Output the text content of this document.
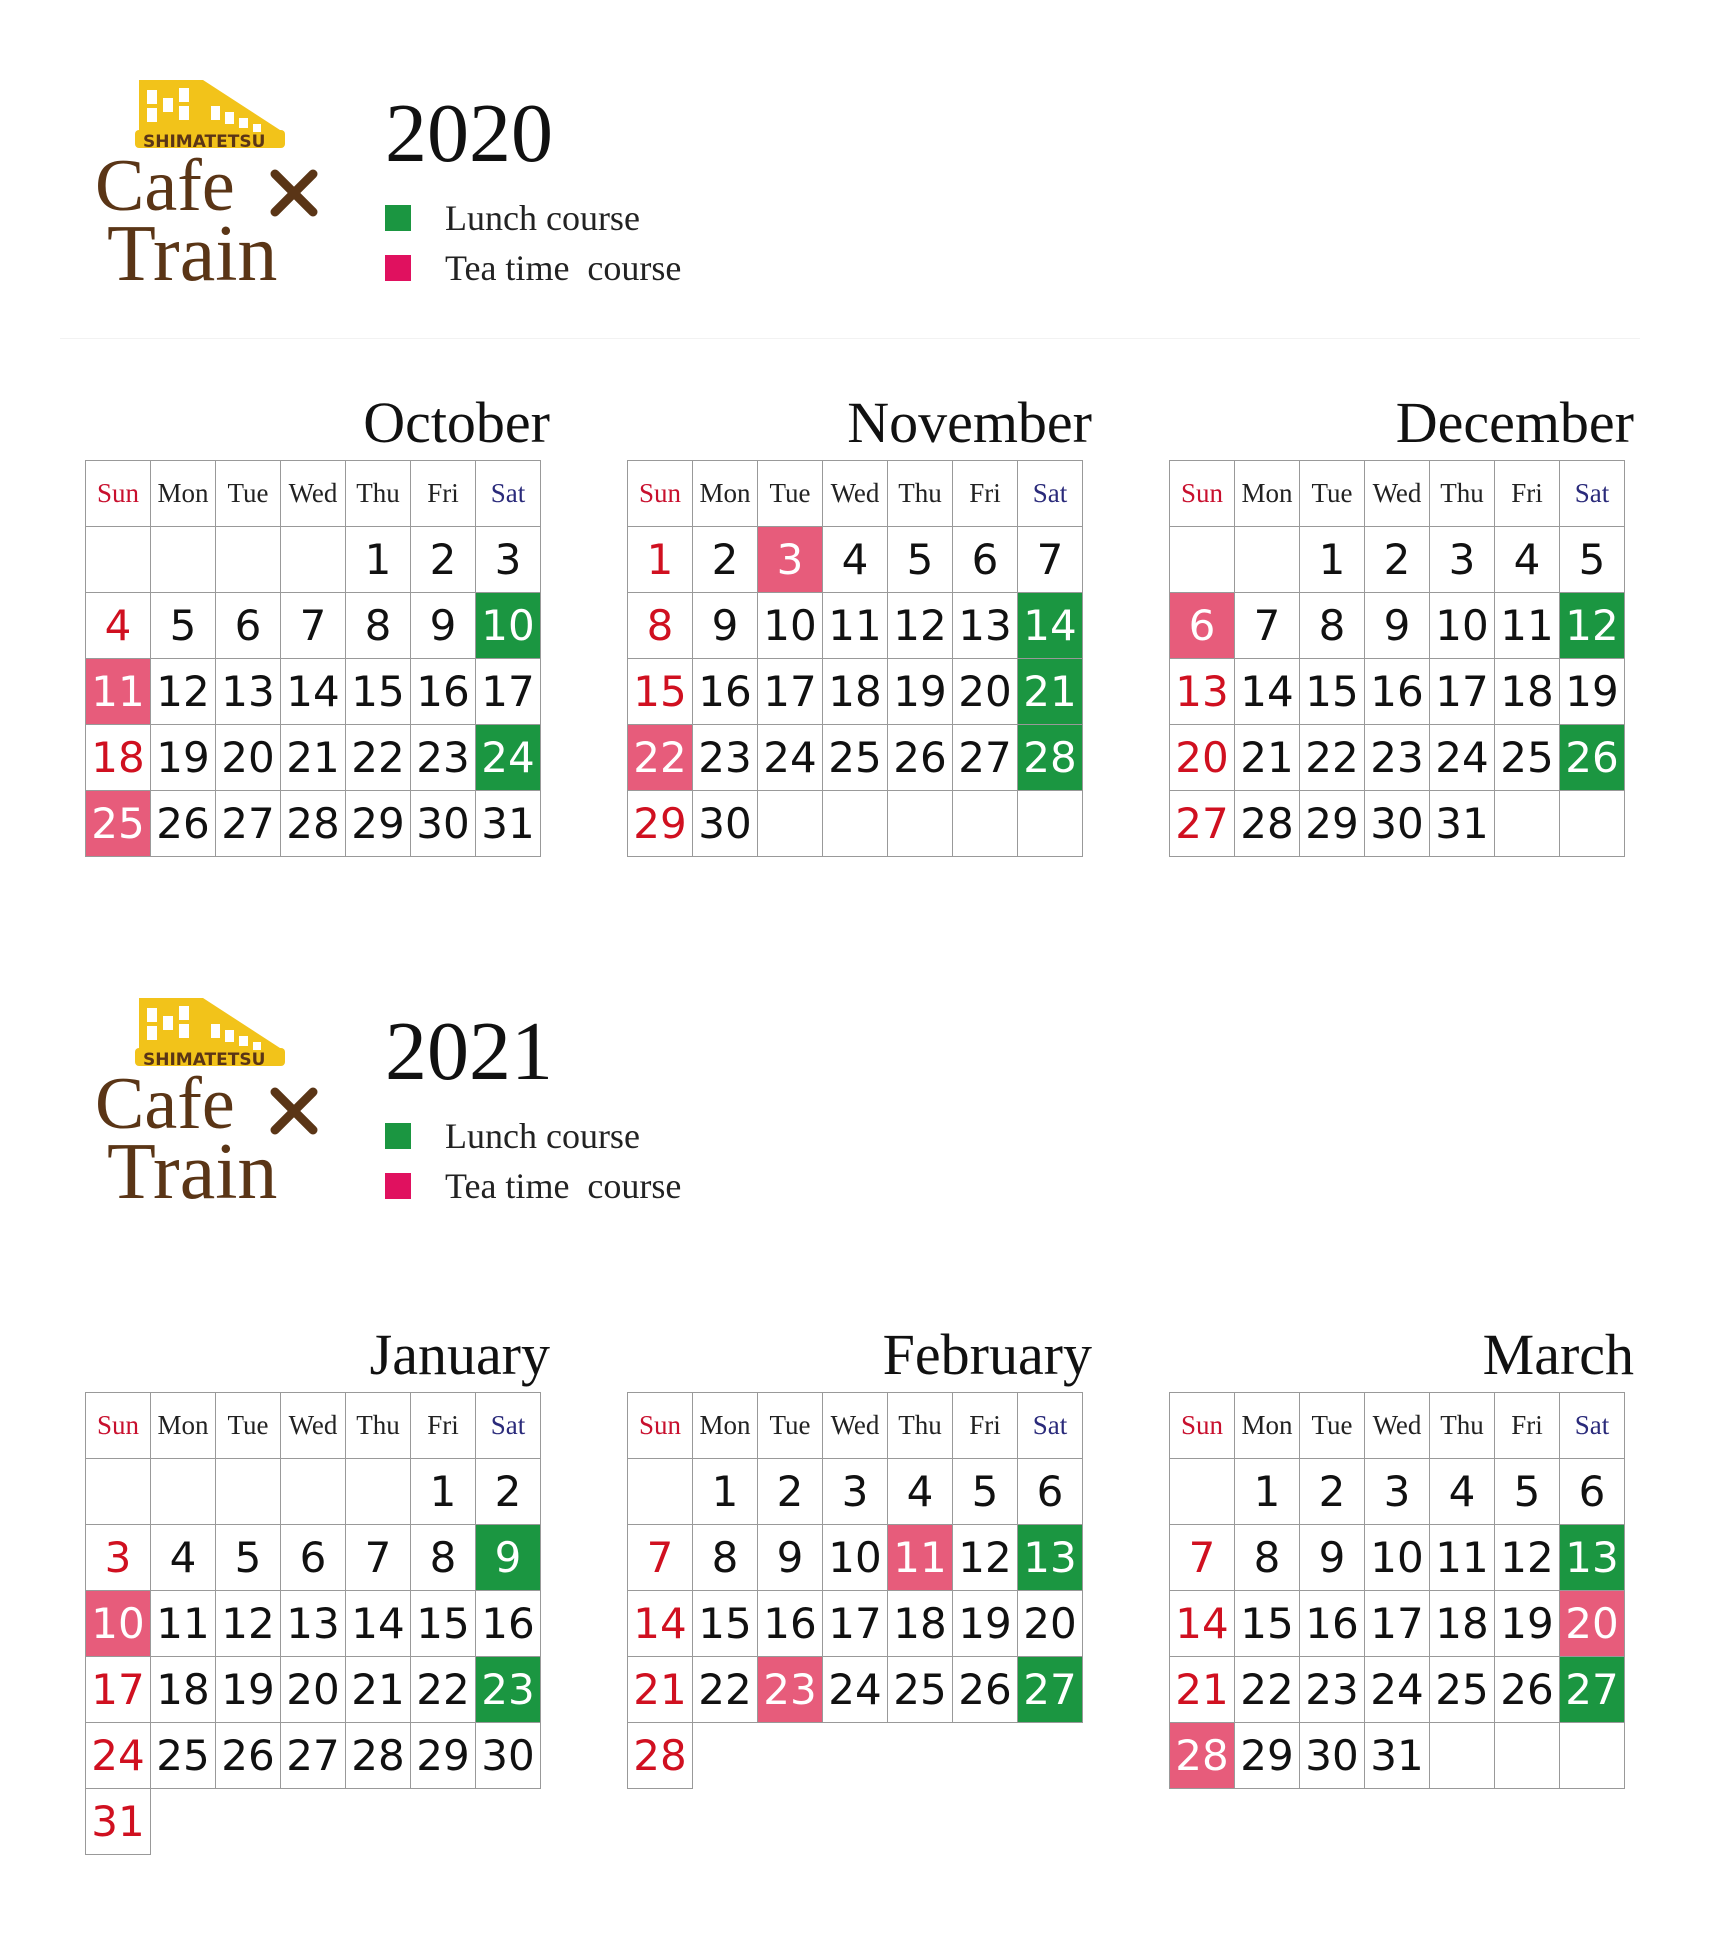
SHIMATETSU
Cafe
Train
2020
Lunch course
Tea time  course
October
Sun	Mon	Tue	Wed	Thu	Fri	Sat
				1	2	3
4	5	6	7	8	9	10
11	12	13	14	15	16	17
18	19	20	21	22	23	24
25	26	27	28	29	30	31
November
Sun	Mon	Tue	Wed	Thu	Fri	Sat
1	2	3	4	5	6	7
8	9	10	11	12	13	14
15	16	17	18	19	20	21
22	23	24	25	26	27	28
29	30					
December
Sun	Mon	Tue	Wed	Thu	Fri	Sat
		1	2	3	4	5
6	7	8	9	10	11	12
13	14	15	16	17	18	19
20	21	22	23	24	25	26
27	28	29	30	31		
SHIMATETSU
Cafe
Train
2021
Lunch course
Tea time  course
January
Sun	Mon	Tue	Wed	Thu	Fri	Sat
					1	2
3	4	5	6	7	8	9
10	11	12	13	14	15	16
17	18	19	20	21	22	23
24	25	26	27	28	29	30
31						
February
Sun	Mon	Tue	Wed	Thu	Fri	Sat
	1	2	3	4	5	6
7	8	9	10	11	12	13
14	15	16	17	18	19	20
21	22	23	24	25	26	27
28						
March
Sun	Mon	Tue	Wed	Thu	Fri	Sat
	1	2	3	4	5	6
7	8	9	10	11	12	13
14	15	16	17	18	19	20
21	22	23	24	25	26	27
28	29	30	31			
